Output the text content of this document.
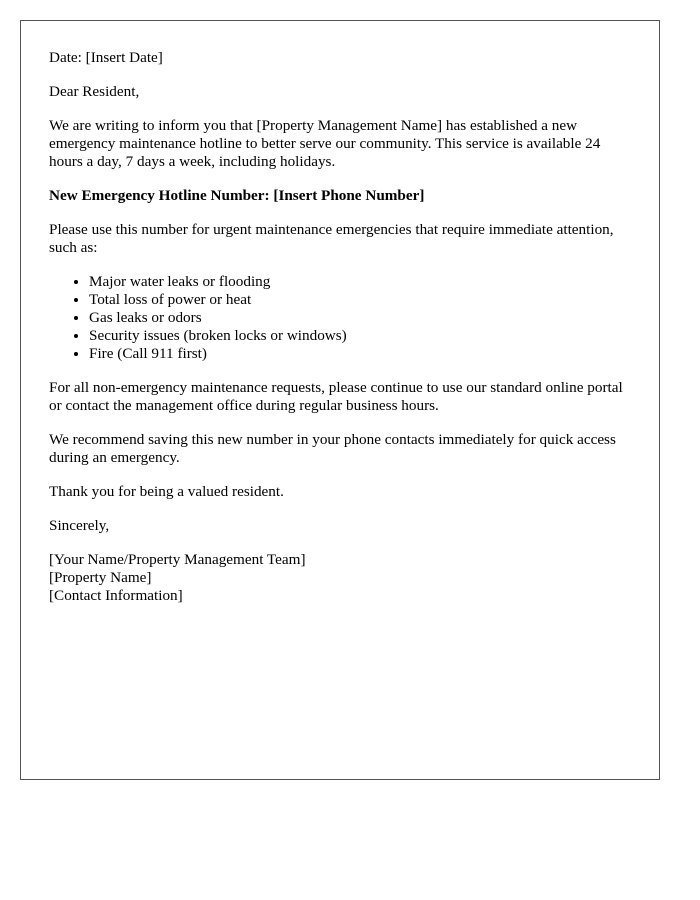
Date: [Insert Date]

Dear Resident,

We are writing to inform you that [Property Management Name] has established a new emergency maintenance hotline to better serve our community. This service is available 24 hours a day, 7 days a week, including holidays.

New Emergency Hotline Number: [Insert Phone Number]

Please use this number for urgent maintenance emergencies that require immediate attention, such as:

• Major water leaks or flooding
• Total loss of power or heat
• Gas leaks or odors
• Security issues (broken locks or windows)
• Fire (Call 911 first)

For all non-emergency maintenance requests, please continue to use our standard online portal or contact the management office during regular business hours.

We recommend saving this new number in your phone contacts immediately for quick access during an emergency.

Thank you for being a valued resident.

Sincerely,

[Your Name/Property Management Team]
[Property Name]
[Contact Information]
